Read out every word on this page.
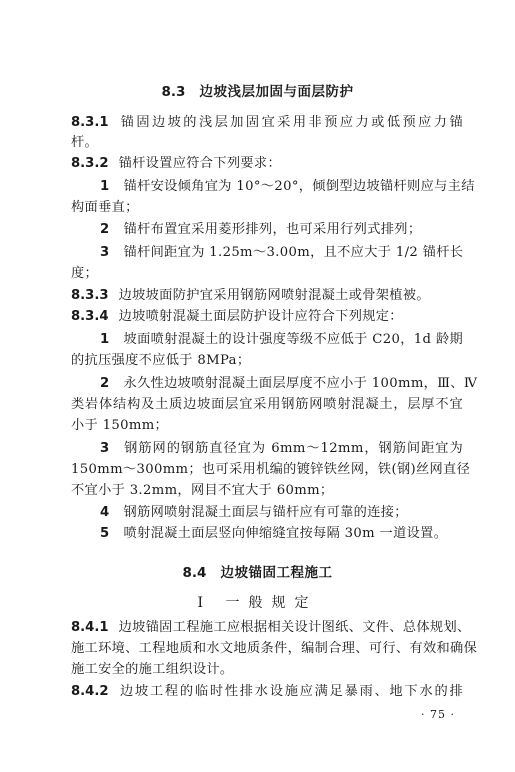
8.3 边坡浅层加固与面层防护
8.3.1 锚固边坡的浅层加固宜采用非预应力或低预应力锚
杆。
8.3.2 锚杆设置应符合下列要求：
1 锚杆安设倾角宜为 10°～20°，倾倒型边坡锚杆则应与主结
构面垂直；
2 锚杆布置宜采用菱形排列，也可采用行列式排列；
3 锚杆间距宜为 1.25m～3.00m，且不应大于 1/2 锚杆长
度；
8.3.3 边坡坡面防护宜采用钢筋网喷射混凝土或骨架植被。
8.3.4 边坡喷射混凝土面层防护设计应符合下列规定：
1 坡面喷射混凝土的设计强度等级不应低于 C20，1d 龄期
的抗压强度不应低于 8MPa；
2 永久性边坡喷射混凝土面层厚度不应小于 100mm，Ⅲ、Ⅳ
类岩体结构及土质边坡面层宜采用钢筋网喷射混凝土，层厚不宜
小于 150mm；
3 钢筋网的钢筋直径宜为 6mm～12mm，钢筋间距宜为
150mm～300mm；也可采用机编的镀锌铁丝网，铁(钢)丝网直径
不宜小于 3.2mm，网目不宜大于 60mm；
4 钢筋网喷射混凝土面层与锚杆应有可靠的连接；
5 喷射混凝土面层竖向伸缩缝宜按每隔 30m 一道设置。
8.4 边坡锚固工程施工
Ⅰ 一般规定
8.4.1 边坡锚固工程施工应根据相关设计图纸、文件、总体规划、
施工环境、工程地质和水文地质条件，编制合理、可行、有效和确保
施工安全的施工组织设计。
8.4.2 边坡工程的临时性排水设施应满足暴雨、地下水的排
· 75 ·
